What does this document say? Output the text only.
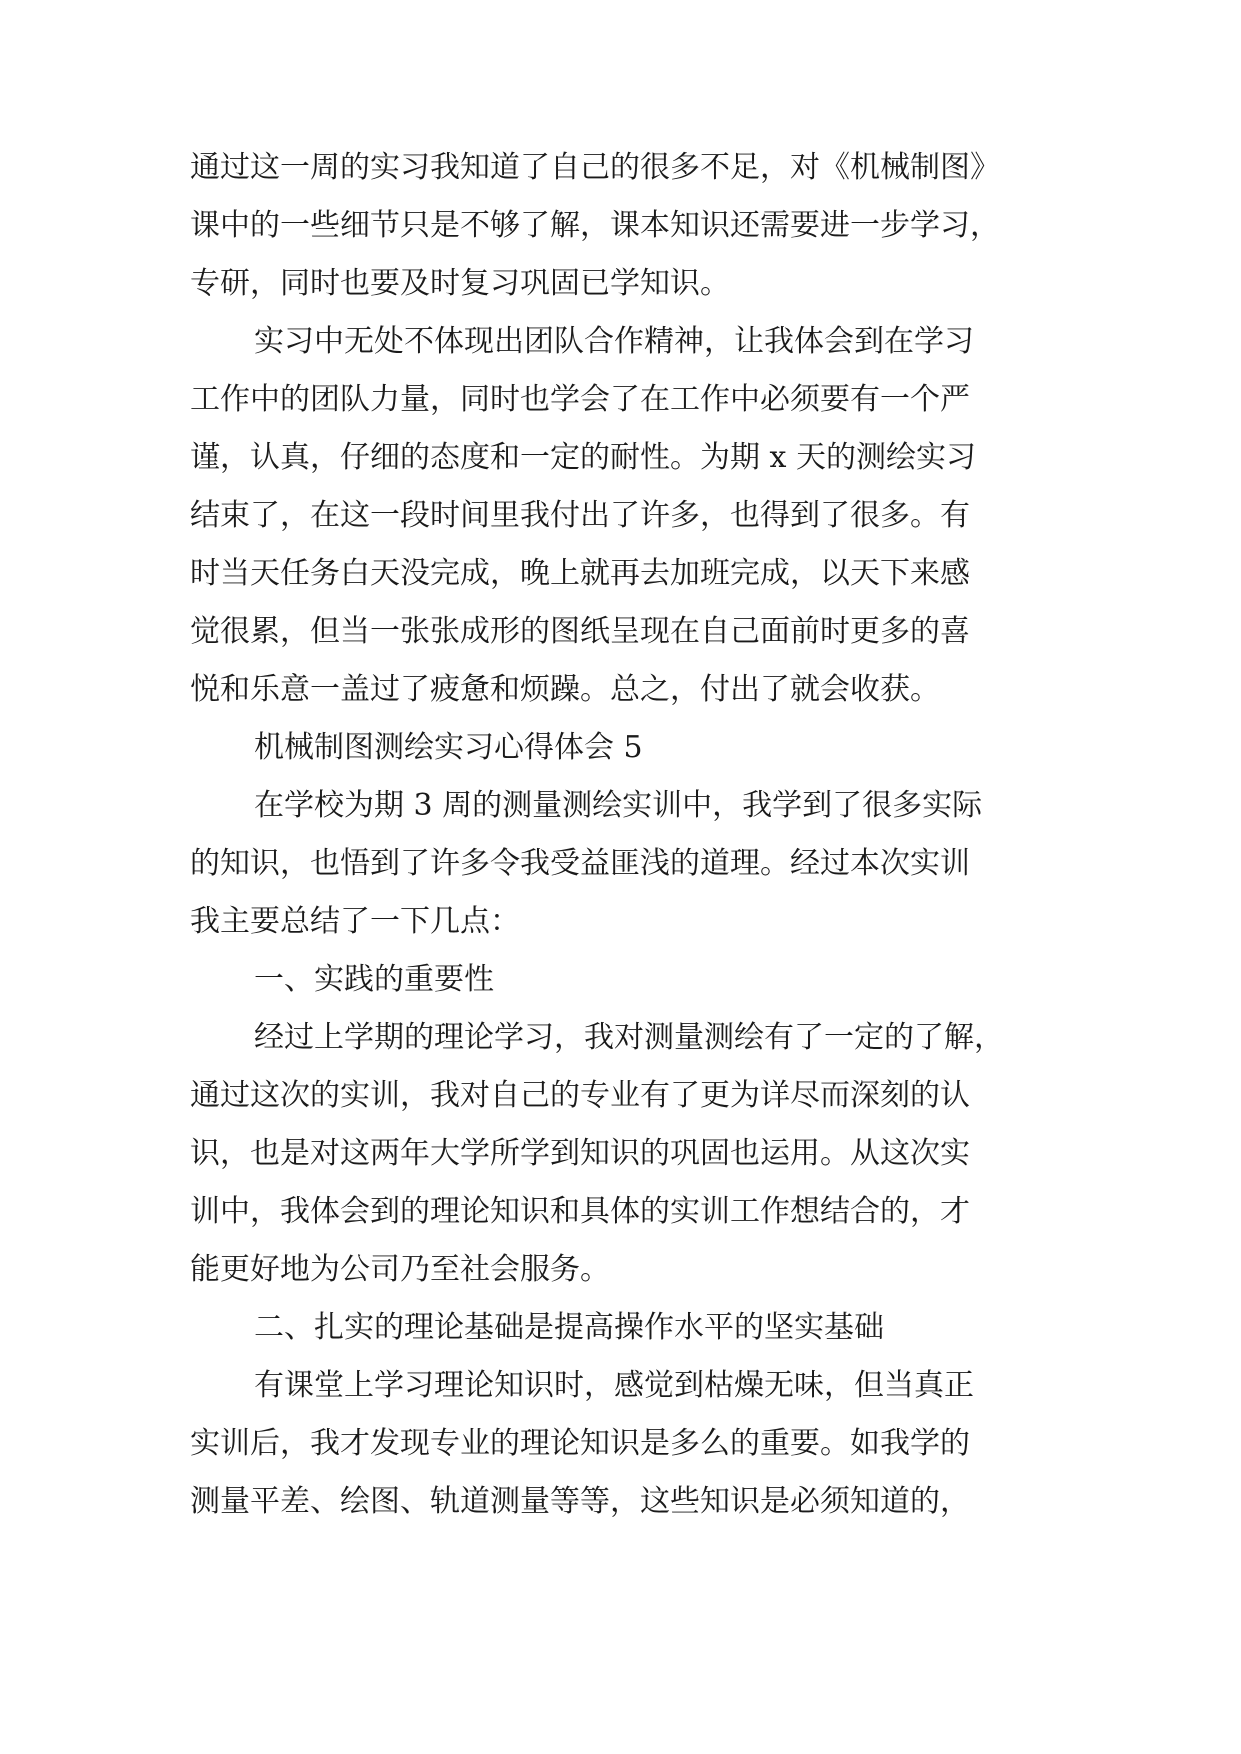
通过这一周的实习我知道了自己的很多不足，对《机械制图》
课中的一些细节只是不够了解，课本知识还需要进一步学习，
专研，同时也要及时复习巩固已学知识。
实习中无处不体现出团队合作精神，让我体会到在学习
工作中的团队力量，同时也学会了在工作中必须要有一个严
谨，认真，仔细的态度和一定的耐性。为期 x 天的测绘实习
结束了，在这一段时间里我付出了许多，也得到了很多。有
时当天任务白天没完成，晚上就再去加班完成，以天下来感
觉很累，但当一张张成形的图纸呈现在自己面前时更多的喜
悦和乐意一盖过了疲惫和烦躁。总之，付出了就会收获。
机械制图测绘实习心得体会 5
在学校为期 3 周的测量测绘实训中，我学到了很多实际
的知识，也悟到了许多令我受益匪浅的道理。经过本次实训
我主要总结了一下几点：
一、实践的重要性
经过上学期的理论学习，我对测量测绘有了一定的了解，
通过这次的实训，我对自己的专业有了更为详尽而深刻的认
识，也是对这两年大学所学到知识的巩固也运用。从这次实
训中，我体会到的理论知识和具体的实训工作想结合的，才
能更好地为公司乃至社会服务。
二、扎实的理论基础是提高操作水平的坚实基础
有课堂上学习理论知识时，感觉到枯燥无味，但当真正
实训后，我才发现专业的理论知识是多么的重要。如我学的
测量平差、绘图、轨道测量等等，这些知识是必须知道的，
